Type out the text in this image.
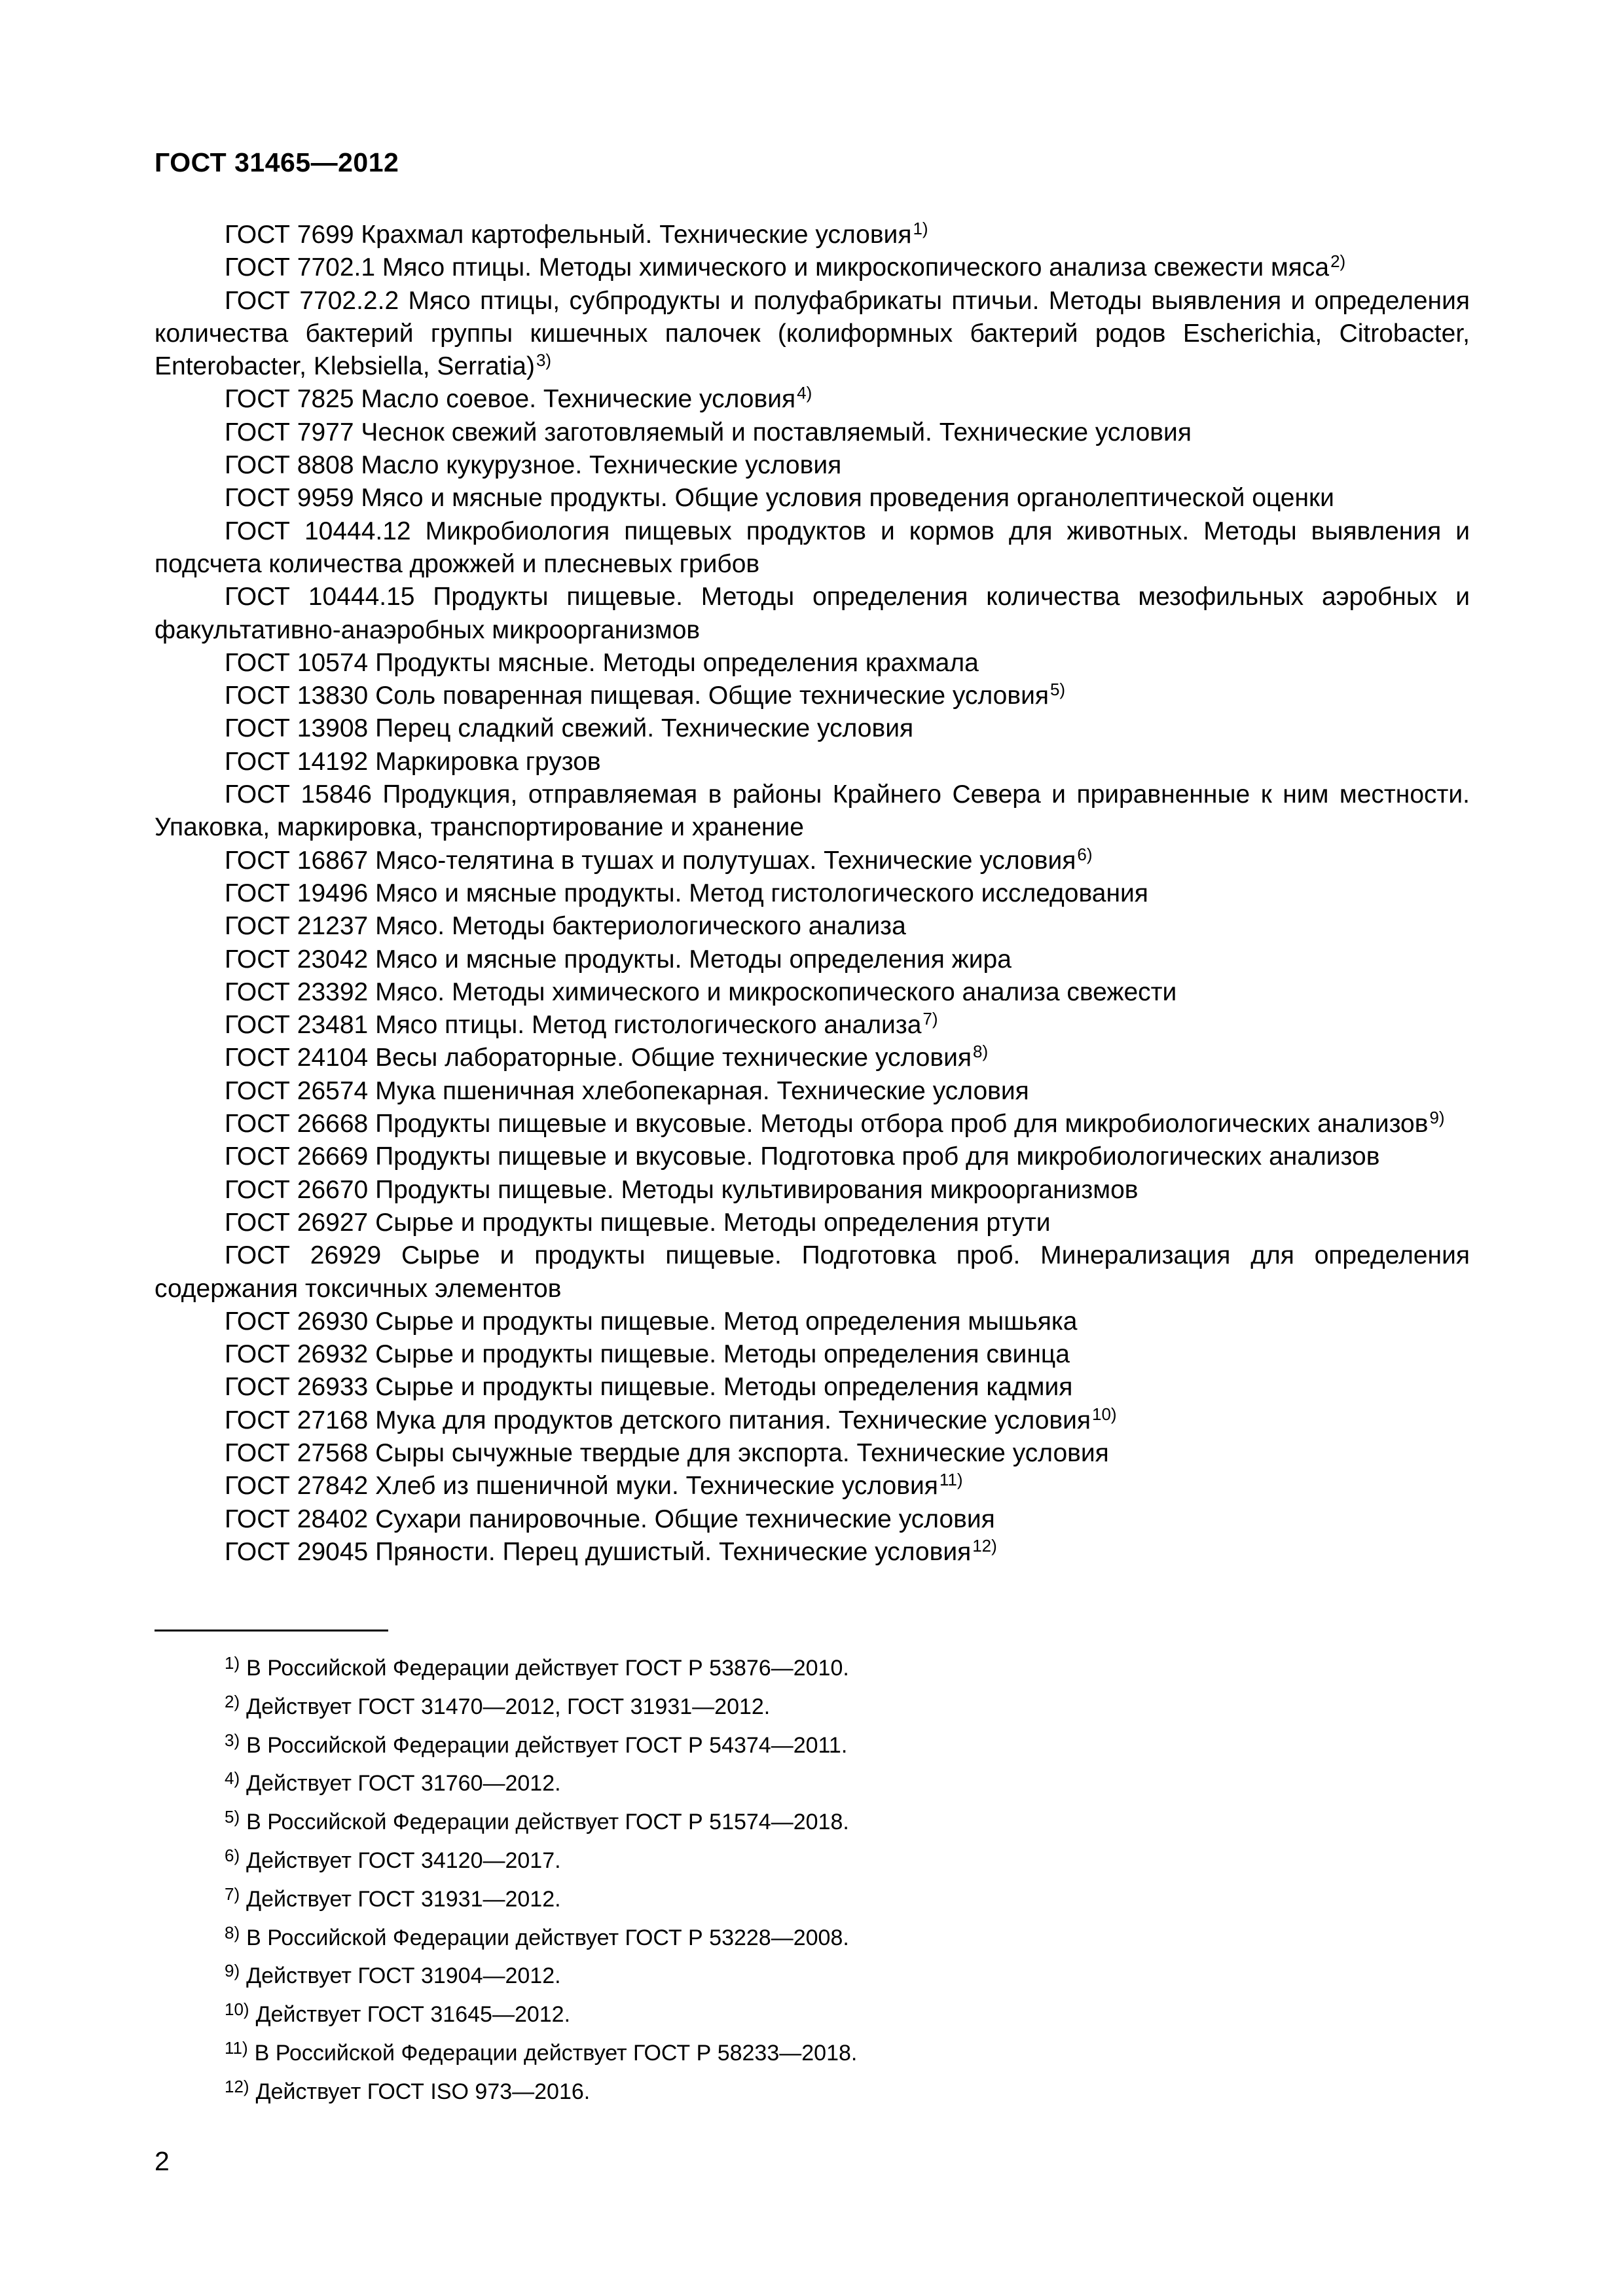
ГОСТ 31465—2012

ГОСТ 7699 Крахмал картофельный. Технические условия$^{1)}$

ГОСТ 7702.1 Мясо птицы. Методы химического и микроскопического анализа свежести мяса$^{2)}$

ГОСТ 7702.2.2 Мясо птицы, субпродукты и полуфабрикаты птичьи. Методы выявления и определения количества бактерий группы кишечных палочек (колиформных бактерий родов Escherichia, Citrobacter, Enterobacter, Klebsiella, Serratia)$^{3)}$

ГОСТ 7825 Масло соевое. Технические условия$^{4)}$

ГОСТ 7977 Чеснок свежий заготовляемый и поставляемый. Технические условия

ГОСТ 8808 Масло кукурузное. Технические условия

ГОСТ 9959 Мясо и мясные продукты. Общие условия проведения органолептической оценки

ГОСТ 10444.12 Микробиология пищевых продуктов и кормов для животных. Методы выявления и подсчета количества дрожжей и плесневых грибов

ГОСТ 10444.15 Продукты пищевые. Методы определения количества мезофильных аэробных и факультативно-анаэробных микроорганизмов

ГОСТ 10574 Продукты мясные. Методы определения крахмала

ГОСТ 13830 Соль поваренная пищевая. Общие технические условия$^{5)}$

ГОСТ 13908 Перец сладкий свежий. Технические условия

ГОСТ 14192 Маркировка грузов

ГОСТ 15846 Продукция, отправляемая в районы Крайнего Севера и приравненные к ним местности. Упаковка, маркировка, транспортирование и хранение

ГОСТ 16867 Мясо-телятина в тушах и полутушах. Технические условия$^{6)}$

ГОСТ 19496 Мясо и мясные продукты. Метод гистологического исследования

ГОСТ 21237 Мясо. Методы бактериологического анализа

ГОСТ 23042 Мясо и мясные продукты. Методы определения жира

ГОСТ 23392 Мясо. Методы химического и микроскопического анализа свежести

ГОСТ 23481 Мясо птицы. Метод гистологического анализа$^{7)}$

ГОСТ 24104 Весы лабораторные. Общие технические условия$^{8)}$

ГОСТ 26574 Мука пшеничная хлебопекарная. Технические условия

ГОСТ 26668 Продукты пищевые и вкусовые. Методы отбора проб для микробиологических анализов$^{9)}$

ГОСТ 26669 Продукты пищевые и вкусовые. Подготовка проб для микробиологических анализов

ГОСТ 26670 Продукты пищевые. Методы культивирования микроорганизмов

ГОСТ 26927 Сырье и продукты пищевые. Методы определения ртути

ГОСТ 26929 Сырье и продукты пищевые. Подготовка проб. Минерализация для определения содержания токсичных элементов

ГОСТ 26930 Сырье и продукты пищевые. Метод определения мышьяка

ГОСТ 26932 Сырье и продукты пищевые. Методы определения свинца

ГОСТ 26933 Сырье и продукты пищевые. Методы определения кадмия

ГОСТ 27168 Мука для продуктов детского питания. Технические условия$^{10)}$

ГОСТ 27568 Сыры сычужные твердые для экспорта. Технические условия

ГОСТ 27842 Хлеб из пшеничной муки. Технические условия$^{11)}$

ГОСТ 28402 Сухари панировочные. Общие технические условия

ГОСТ 29045 Пряности. Перец душистый. Технические условия$^{12)}$

$^{1)}$ В Российской Федерации действует ГОСТ Р 53876—2010.

$^{2)}$ Действует ГОСТ 31470—2012, ГОСТ 31931—2012.

$^{3)}$ В Российской Федерации действует ГОСТ Р 54374—2011.

$^{4)}$ Действует ГОСТ 31760—2012.

$^{5)}$ В Российской Федерации действует ГОСТ Р 51574—2018.

$^{6)}$ Действует ГОСТ 34120—2017.

$^{7)}$ Действует ГОСТ 31931—2012.

$^{8)}$ В Российской Федерации действует ГОСТ Р 53228—2008.

$^{9)}$ Действует ГОСТ 31904—2012.

$^{10)}$ Действует ГОСТ 31645—2012.

$^{11)}$ В Российской Федерации действует ГОСТ Р 58233—2018.

$^{12)}$ Действует ГОСТ ISO 973—2016.

2
